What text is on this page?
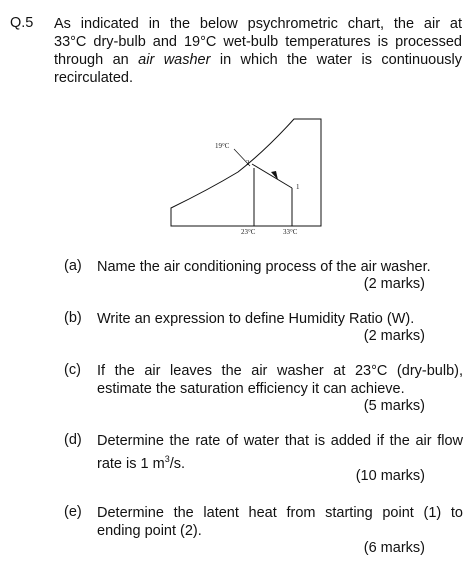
Q.5 As indicated in the below psychrometric chart, the air at
33°C dry-bulb and 19°C wet-bulb temperatures is processed
through an air washer in which the water is continuously
recirculated.
19°C
2
1
23°C	33°C
(a) Name the air conditioning process of the air washer.
(2 marks)
(b) Write an expression to define Humidity Ratio (W).
(2 marks)
(c) If the air leaves the air washer at 23°C (dry-bulb),
estimate the saturation efficiency it can achieve.
(5 marks)
(d) Determine the rate of water that is added if the air flow
rate is 1 $m^3/s$.
(10 marks)
(e) Determine the latent heat from starting point (1) to
ending point (2).
(6 marks)
